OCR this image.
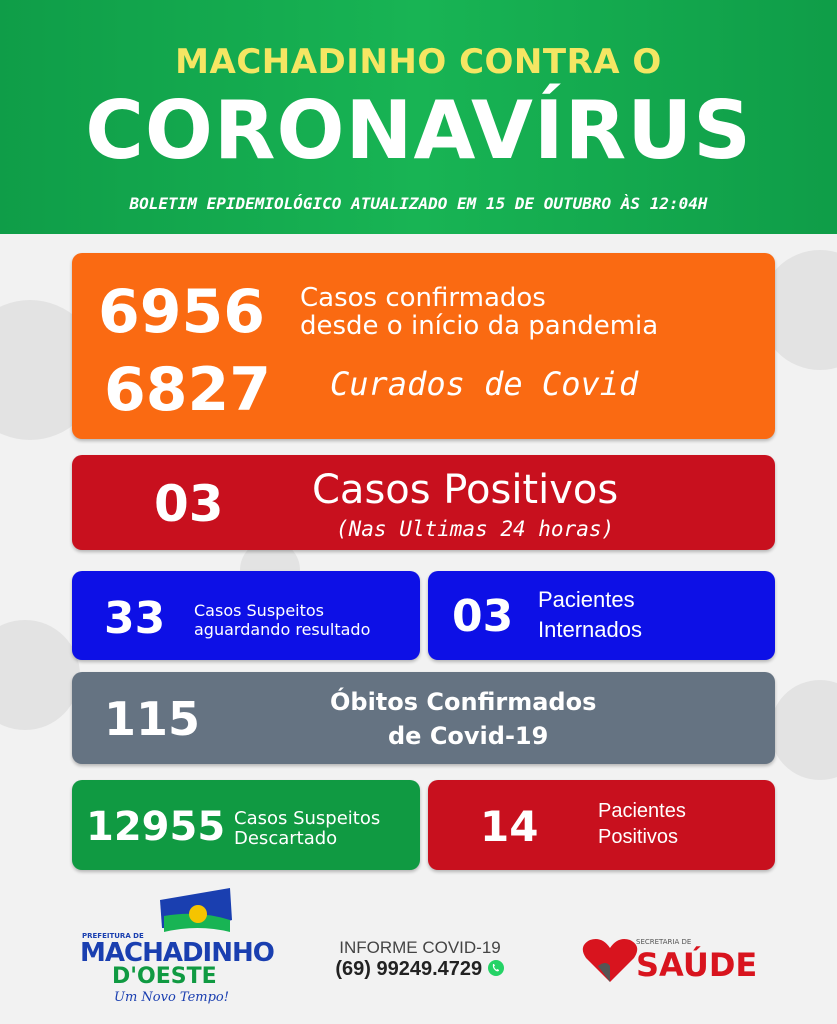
MACHADINHO CONTRA O
CORONAVÍRUS
BOLETIM EPIDEMIOLÓGICO ATUALIZADO EM 15 DE OUTUBRO ÀS 12:04H
6956 Casos confirmados
desde o início da pandemia
6827 Curados de Covid
03 Casos Positivos
(Nas Ultimas 24 horas)
33 Casos Suspeitos
aguardando resultado 03 Pacientes
Internados
115	Óbitos Confirmados
de Covid-19
12955 Casos Suspeitos
Descartado	14	Pacientes
Positivos
PREFEITURA DE
MACHADINHO
D'OESTE
Um Novo Tempo!
INFORME COVID-19
(69) 99249.4729
SECRETARIA DE
SAÚDE
